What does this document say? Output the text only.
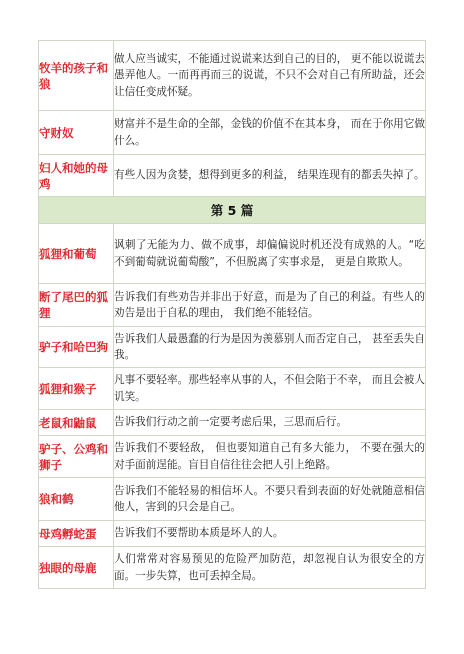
牧羊的孩子和狼	做人应当诚实，不能通过说谎来达到自己的目的， 更不能以说谎去愚弄他人。一而再再而三的说谎，不只不会对自己有所助益，还会让信任变成怀疑。
守财奴	财富并不是生命的全部，金钱的价值不在其本身， 而在于你用它做什么。
妇人和她的母鸡	有些人因为贪婪，想得到更多的利益， 结果连现有的都丢失掉了。
第 5 篇	
狐狸和葡萄	讽刺了无能为力、做不成事，却偏偏说时机还没有成熟的人。“吃不到葡萄就说葡萄酸”，不但脱离了实事求是， 更是自欺欺人。
断了尾巴的狐狸	告诉我们有些劝告并非出于好意，而是为了自己的利益。有些人的劝告是出于自私的理由， 我们绝不能轻信。
驴子和哈巴狗	告诉我们人最愚蠢的行为是因为羡慕别人而否定自己， 甚至丢失自我。
狐狸和猴子	凡事不要轻率。那些轻率从事的人，不但会陷于不幸， 而且会被人讥笑。
老鼠和鼬鼠	告诉我们行动之前一定要考虑后果，三思而后行。
驴子、公鸡和狮子	告诉我们不要轻敌， 但也要知道自己有多大能力， 不要在强大的对手面前逞能。盲目自信往往会把人引上绝路。
狼和鹤	告诉我们不能轻易的相信坏人。不要只看到表面的好处就随意相信他人，害到的只会是自己。
母鸡孵蛇蛋	告诉我们不要帮助本质是坏人的人。
独眼的母鹿	人们常常对容易预见的危险严加防范，却忽视自认为很安全的方面。一步失算，也可丢掉全局。
